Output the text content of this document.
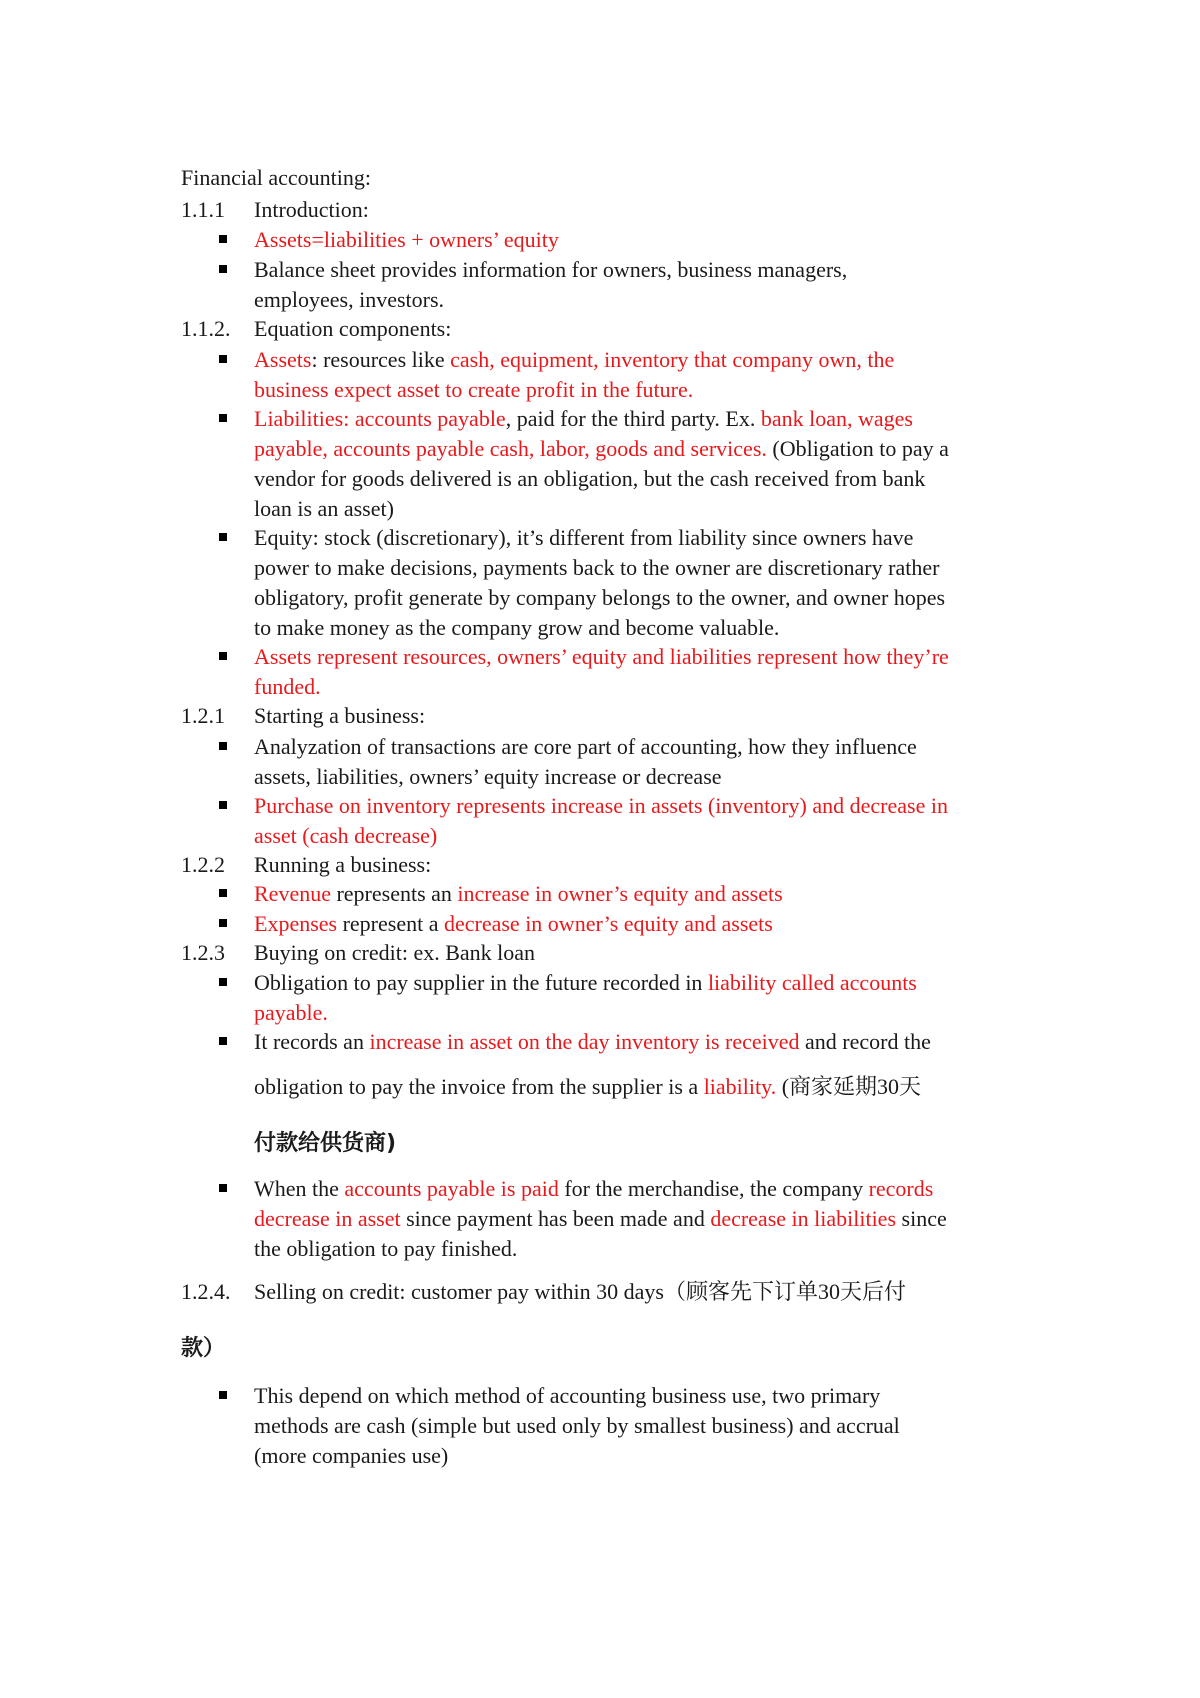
Financial accounting:
1.1.1 Introduction:
Assets=liabilities + owners’ equity
Balance sheet provides information for owners, business managers,
employees, investors.
1.1.2. Equation components:
Assets: resources like cash, equipment, inventory that company own, the
business expect asset to create profit in the future.
Liabilities: accounts payable, paid for the third party. Ex. bank loan, wages
payable, accounts payable cash, labor, goods and services. (Obligation to pay a
vendor for goods delivered is an obligation, but the cash received from bank
loan is an asset)
Equity: stock (discretionary), it’s different from liability since owners have
power to make decisions, payments back to the owner are discretionary rather
obligatory, profit generate by company belongs to the owner, and owner hopes
to make money as the company grow and become valuable.
Assets represent resources, owners’ equity and liabilities represent how they’re
funded.
1.2.1 Starting a business:
Analyzation of transactions are core part of accounting, how they influence
assets, liabilities, owners’ equity increase or decrease
Purchase on inventory represents increase in assets (inventory) and decrease in
asset (cash decrease)
1.2.2 Running a business:
Revenue represents an increase in owner’s equity and assets
Expenses represent a decrease in owner’s equity and assets
1.2.3 Buying on credit: ex. Bank loan
Obligation to pay supplier in the future recorded in liability called accounts
payable.
It records an increase in asset on the day inventory is received and record the
obligation to pay the invoice from the supplier is a liability. (商家延期30天
付款给供货商)
When the accounts payable is paid for the merchandise, the company records
decrease in asset since payment has been made and decrease in liabilities since
the obligation to pay finished.
1.2.4. Selling on credit: customer pay within 30 days（顾客先下订单30天后付
款）
This depend on which method of accounting business use, two primary
methods are cash (simple but used only by smallest business) and accrual
(more companies use)
